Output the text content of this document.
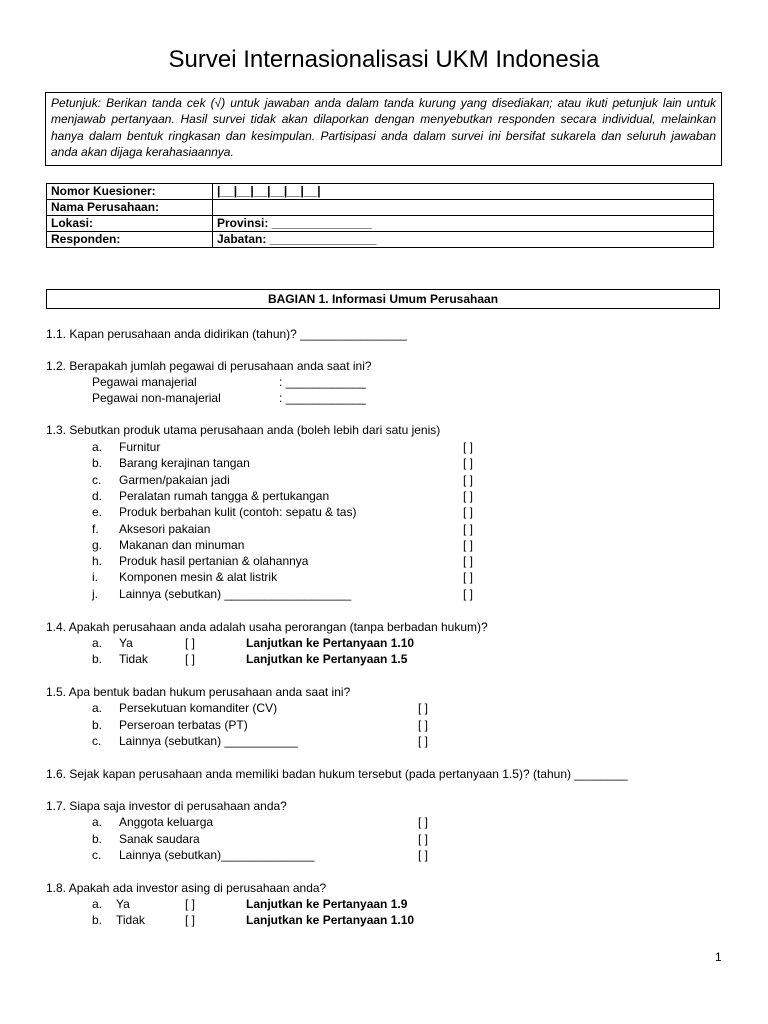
Survei Internasionalisasi UKM Indonesia
Petunjuk: Berikan tanda cek (√) untuk jawaban anda dalam tanda kurung yang disediakan; atau ikuti petunjuk lain untuk menjawab pertanyaan. Hasil survei tidak akan dilaporkan dengan menyebutkan responden secara individual, melainkan hanya dalam bentuk ringkasan dan kesimpulan. Partisipasi anda dalam survei ini bersifat sukarela dan seluruh jawaban anda akan dijaga kerahasiaannya.
Nomor Kuesioner:	|__|__|__|__|__|__|
Nama Perusahaan:	
Lokasi:	Provinsi: _______________
Responden:	Jabatan: ________________
BAGIAN 1. Informasi Umum Perusahaan
1.1. Kapan perusahaan anda didirikan (tahun)? ________________
1.2. Berapakah jumlah pegawai di perusahaan anda saat ini?
Pegawai manajerial	: ____________
Pegawai non-manajerial	: ____________
1.3. Sebutkan produk utama perusahaan anda (boleh lebih dari satu jenis)
a. Furnitur	[ ]
b. Barang kerajinan tangan	[ ]
c. Garmen/pakaian jadi	[ ]
d. Peralatan rumah tangga & pertukangan	[ ]
e. Produk berbahan kulit (contoh: sepatu & tas)	[ ]
f. Aksesori pakaian	[ ]
g. Makanan dan minuman	[ ]
h. Produk hasil pertanian & olahannya	[ ]
i. Komponen mesin & alat listrik	[ ]
j. Lainnya (sebutkan) ___________________	[ ]
1.4. Apakah perusahaan anda adalah usaha perorangan (tanpa berbadan hukum)?
a. Ya	[ ]	Lanjutkan ke Pertanyaan 1.10
b. Tidak	[ ]	Lanjutkan ke Pertanyaan 1.5
1.5. Apa bentuk badan hukum perusahaan anda saat ini?
a. Persekutuan komanditer (CV)	[ ]
b. Perseroan terbatas (PT)	[ ]
c. Lainnya (sebutkan) ___________	[ ]
1.6. Sejak kapan perusahaan anda memiliki badan hukum tersebut (pada pertanyaan 1.5)? (tahun) ________
1.7. Siapa saja investor di perusahaan anda?
a. Anggota keluarga	[ ]
b. Sanak saudara	[ ]
c. Lainnya (sebutkan)______________	[ ]
1.8. Apakah ada investor asing di perusahaan anda?
a. Ya	[ ]	Lanjutkan ke Pertanyaan 1.9
b. Tidak	[ ]	Lanjutkan ke Pertanyaan 1.10
1
